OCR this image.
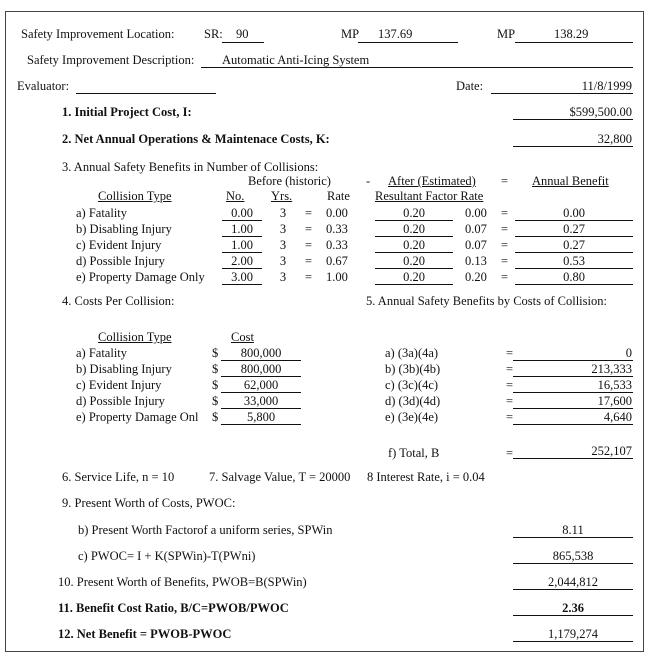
Safety Improvement Location: SR: 90	MP 137.69	MP	138.29
Safety Improvement Description: Automatic Anti-Icing System
Evaluator:	Date:	11/8/1999
1. Initial Project Cost, I:	$599,500.00
2. Net Annual Operations & Maintenace Costs, K:	32,800
3. Annual Safety Benefits in Number of Collisions:
Before (historic)	- After (Estimated) = Annual Benefit
Collision Type	No. Yrs.	Rate Resultant Factor Rate
a) Fatality	0.00	3	= 0.00	0.20	0.00 =	0.00
b) Disabling Injury	1.00	3	= 0.33	0.20	0.07 =	0.27
c) Evident Injury	1.00	3	= 0.33	0.20	0.07 =	0.27
d) Possible Injury	2.00	3	= 0.67	0.20	0.13 =	0.53
e) Property Damage Only	3.00	3	= 1.00	0.20	0.20 =	0.80
4. Costs Per Collision:
Collision Type	Cost
a) Fatality	$	800,000
b) Disabling Injury	$	800,000
c) Evident Injury	$	62,000
d) Possible Injury	$	33,000
e) Property Damage Onl $	5,800
5. Annual Safety Benefits by Costs of Collision:
a) (3a)(4a)	=	0
b) (3b)(4b)	=	213,333
c) (3c)(4c)	=	16,533
d) (3d)(4d)	=	17,600
e) (3e)(4e)	=	4,640
f) Total, B	=	252,107
6. Service Life, n = 10	7. Salvage Value, T = 20000 8 Interest Rate, i = 0.04
9. Present Worth of Costs, PWOC:
b) Present Worth Factorof a uniform series, SPWin	8.11
c) PWOC= I + K(SPWin)-T(PWni)	865,538
10. Present Worth of Benefits, PWOB=B(SPWin)	2,044,812
11. Benefit Cost Ratio, B/C=PWOB/PWOC	2.36
12. Net Benefit = PWOB-PWOC	1,179,274
